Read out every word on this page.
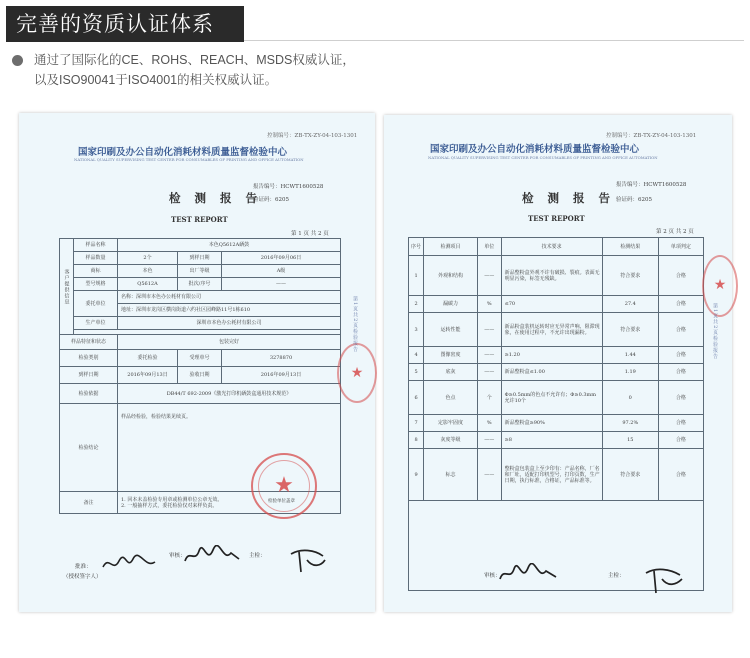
完善的资质认证体系
通过了国际化的CE、ROHS、REACH、MSDS权威认证，
以及ISO90041于ISO4001的相关权威认证。
控制编号：ZB-TX-ZY-04-103-1301
国家印刷及办公自动化消耗材料质量监督检验中心
NATIONAL QUALITY SUPERVISING TEST CENTER FOR CONSUMABLES OF PRINTING AND OFFICE AUTOMATION
报告编号：HCWT1600528
验证码：6205
检 测 报 告
TEST REPORT
第 1 页 共 2 页
客户提供信息	样品名称	本色Q5612A硒鼓		
	样品数量	2个	到样日期	2016年09月06日
	商标	本色	出厂等级	A级
	型号规格	Q5612A	批次/序号	——
	委托单位	名称：深圳市本色办公耗材有限公司		
		地址：深圳市龙岗区横岗街道六约社区园峰路11号1栋610		
	生产单位	深圳市本色办公耗材有限公司		

样品特征和状态		包装完好		
检验类别		委托检验	受理单号	3278870
到样日期		2016年09月13日	验收日期	2016年09月13日
检验依据		DB44/T 692-2009《激光打印机硒鼓盒通用技术规范》		
检验结论		样品经检验，检验结果见续页。		
备注		1. 回本未盖检验专用章或检测单位公章无效。
2. 一般抽样方式，委托检验仅对来样负责。		
★
检验单位盖章
★
第1页共2页检验报告
批准：
（授权签字人）
审核：	主检：
控制编号：ZB-TX-ZY-04-103-1301
国家印刷及办公自动化消耗材料质量监督检验中心
NATIONAL QUALITY SUPERVISING TEST CENTER FOR CONSUMABLES OF PRINTING AND OFFICE AUTOMATION
报告编号：HCWT1600528
验证码：6205
检 测 报 告
TEST REPORT
第 2 页 共 2 页
序号	检测项目	单位	技术要求	检测结果	单项判定
1	外观和结构	——	新品整粉盒外观不许有破损、裂痕。表面无明显污染，标签无残缺。	符合要求	合格
2	漏碳力	%	≤70	27.4	合格
3	运转性能	——	新品粉盒装机运转时应无异常声响、阻滞现象，在使用过程中，不允许出现漏粉。	符合要求	合格
4	图像密度	——	≥1.20	1.44	合格
5	底灰	——	新品整粉盒≤1.00	1.19	合格
6	色点	个	Φ≥0.5mm的色点不允许有；Φ≥0.3mm允许10个	0	合格
7	定影牢固度	%	新品整粉盒≥90%	97.2%	合格
8	灰度等级	——	≥8	15	合格
9	标志	——	整粉盒包装盒上至少印有：产品名称，厂名和厂址，适配打印机型号，打印页数，生产日期，执行标准，合格证，产品标准等。	符合要求	合格

★
第1页共2页检验报告
审核：	主检：
